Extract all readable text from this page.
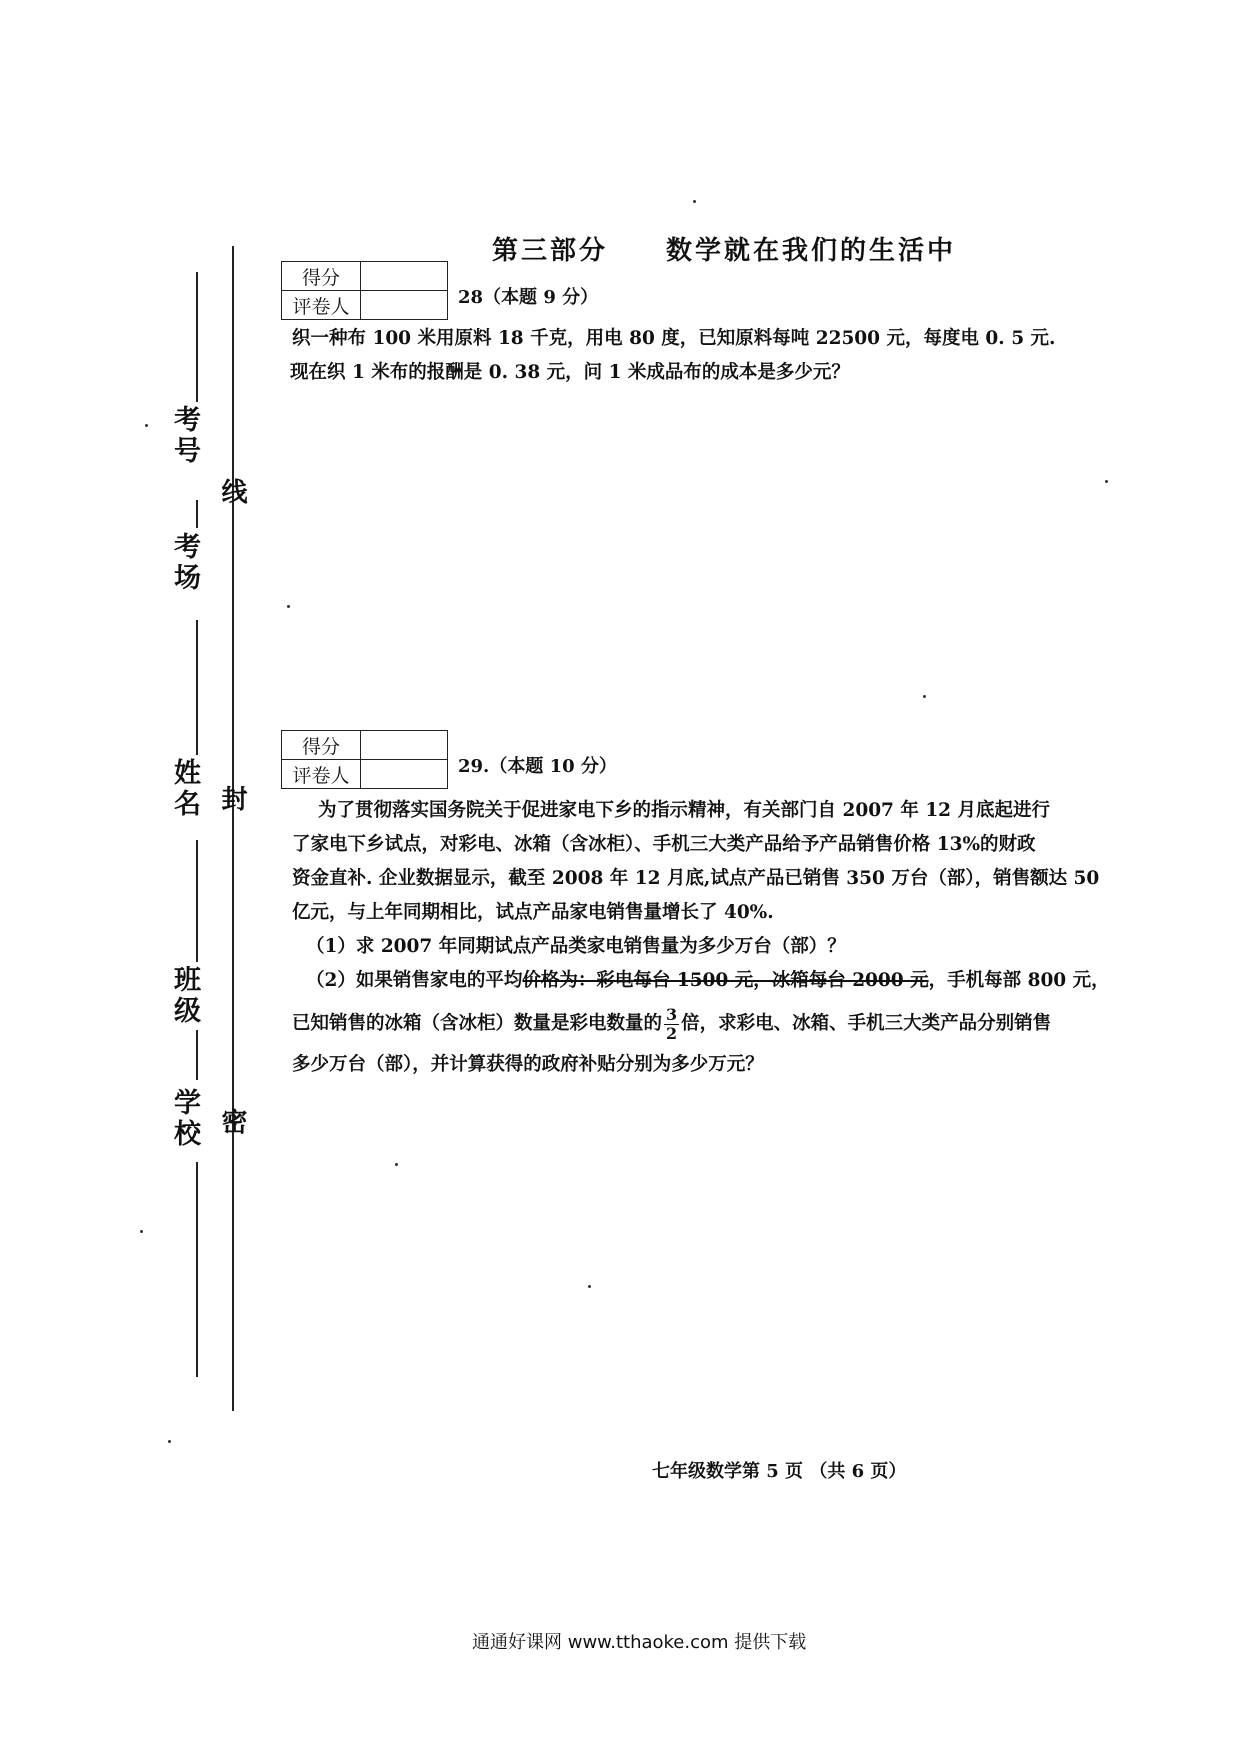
考号
考场
姓名
班级
学校
线
封
密
第三部分　　数学就在我们的生活中
得分	
评卷人		28（本题 9 分）
织一种布 100 米用原料 18 千克，用电 80 度，已知原料每吨 22500 元，每度电 0. 5 元.
现在织 1 米布的报酬是 0. 38 元，问 1 米成品布的成本是多少元？
得分	
评卷人		29.（本题 10 分）
为了贯彻落实国务院关于促进家电下乡的指示精神，有关部门自 2007 年 12 月底起进行
了家电下乡试点，对彩电、冰箱（含冰柜）、手机三大类产品给予产品销售价格 13%的财政
资金直补. 企业数据显示，截至 2008 年 12 月底,试点产品已销售 350 万台（部），销售额达 50
亿元，与上年同期相比，试点产品家电销售量增长了 40%.
（1）求 2007 年同期试点产品类家电销售量为多少万台（部）？
（2）如果销售家电的平均价格为：彩电每台 1500 元，冰箱每台 2000 元，手机每部 800 元，
已知销售的冰箱（含冰柜）数量是彩电数量的 $\frac{3}{2}$ 倍，求彩电、冰箱、手机三大类产品分别销售
多少万台（部），并计算获得的政府补贴分别为多少万元？
七年级数学第 5 页 （共 6 页）
通通好课网 www.tthaoke.com 提供下载
